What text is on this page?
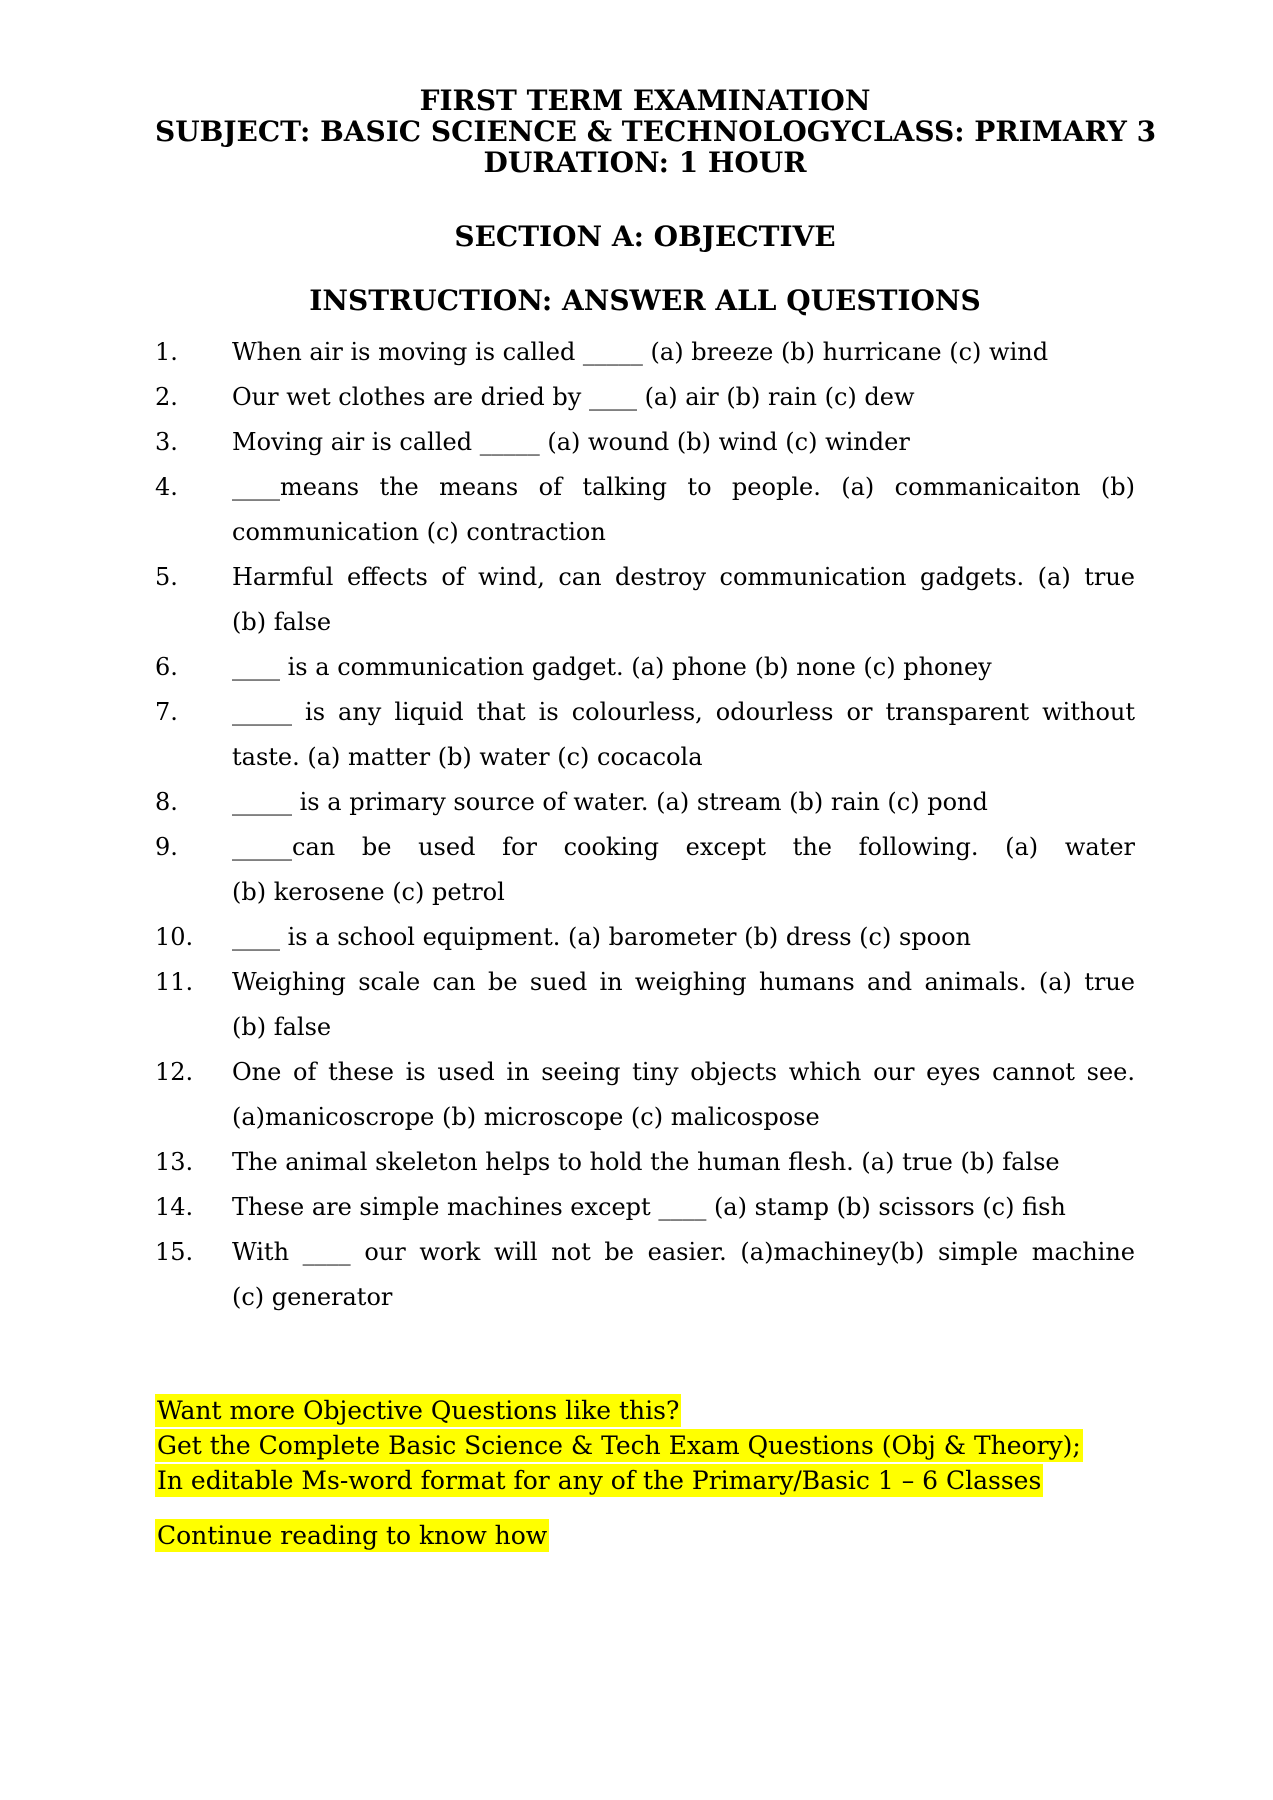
FIRST TERM EXAMINATION
SUBJECT: BASIC SCIENCE & TECHNOLOGY CLASS: PRIMARY 3
DURATION: 1 HOUR
SECTION A: OBJECTIVE
INSTRUCTION: ANSWER ALL QUESTIONS
1.	When air is moving is called _____ (a) breeze (b) hurricane (c) wind
2.	Our wet clothes are dried by ____ (a) air (b) rain (c) dew
3.	Moving air is called _____ (a) wound (b) wind (c) winder
4.	____means the means of talking to people. (a) commanicaiton (b)
communication (c) contraction
5.	Harmful effects of wind, can destroy communication gadgets. (a) true
(b) false
6.	____ is a communication gadget. (a) phone (b) none (c) phoney
7.	_____ is any liquid that is colourless, odourless or transparent without
taste. (a) matter (b) water (c) cocacola
8.	_____ is a primary source of water. (a) stream (b) rain (c) pond
9.	_____can be used for cooking except the following. (a) water
(b) kerosene (c) petrol
10.	____ is a school equipment. (a) barometer (b) dress (c) spoon
11.	Weighing scale can be sued in weighing humans and animals. (a) true
(b) false
12.	One of these is used in seeing tiny objects which our eyes cannot see.
(a)manicoscrope (b) microscope (c) malicospose
13.	The animal skeleton helps to hold the human flesh. (a) true (b) false
14.	These are simple machines except ____ (a) stamp (b) scissors (c) fish
15.	With ____ our work will not be easier. (a)machiney(b) simple machine
(c) generator
Want more Objective Questions like this?
Get the Complete Basic Science & Tech Exam Questions (Obj & Theory);
In editable Ms-word format for any of the Primary/Basic 1 – 6 Classes
Continue reading to know how
